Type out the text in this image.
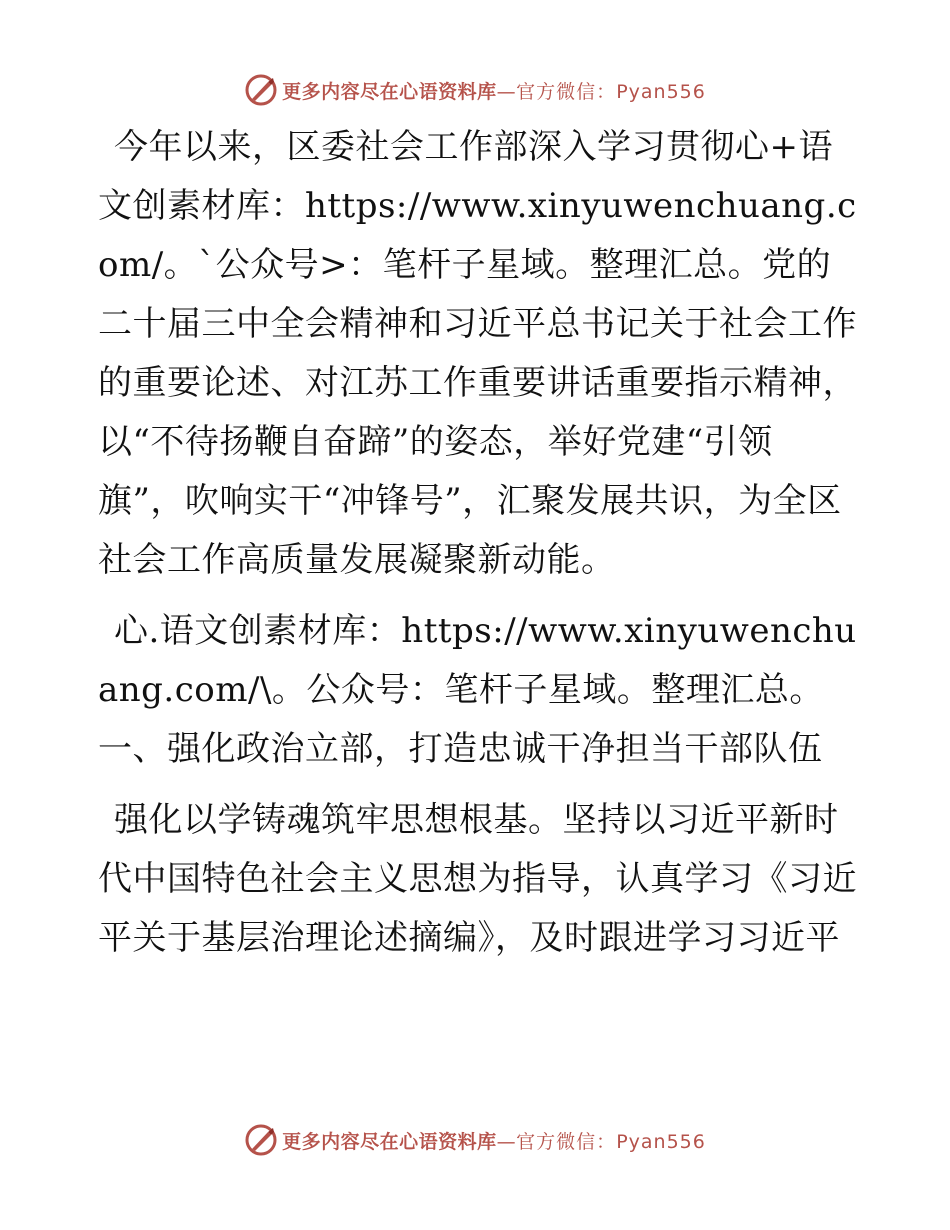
更多内容尽在心语资料库—官方微信：Pyan556

今年以来，区委社会工作部深入学习贯彻心+语文创素材库：https://www.xinyuwenchuang.com/。`公众号>：笔杆子星域。整理汇总。党的二十届三中全会精神和习近平总书记关于社会工作的重要论述、对江苏工作重要讲话重要指示精神，以“不待扬鞭自奋蹄”的姿态，举好党建“引领旗”，吹响实干“冲锋号”，汇聚发展共识，为全区社会工作高质量发展凝聚新动能。

心.语文创素材库：https://www.xinyuwenchuang.com/\。公众号：笔杆子星域。整理汇总。一、强化政治立部，打造忠诚干净担当干部队伍

强化以学铸魂筑牢思想根基。坚持以习近平新时代中国特色社会主义思想为指导，认真学习《习近平关于基层治理论述摘编》，及时跟进学习习近平

更多内容尽在心语资料库—官方微信：Pyan556
